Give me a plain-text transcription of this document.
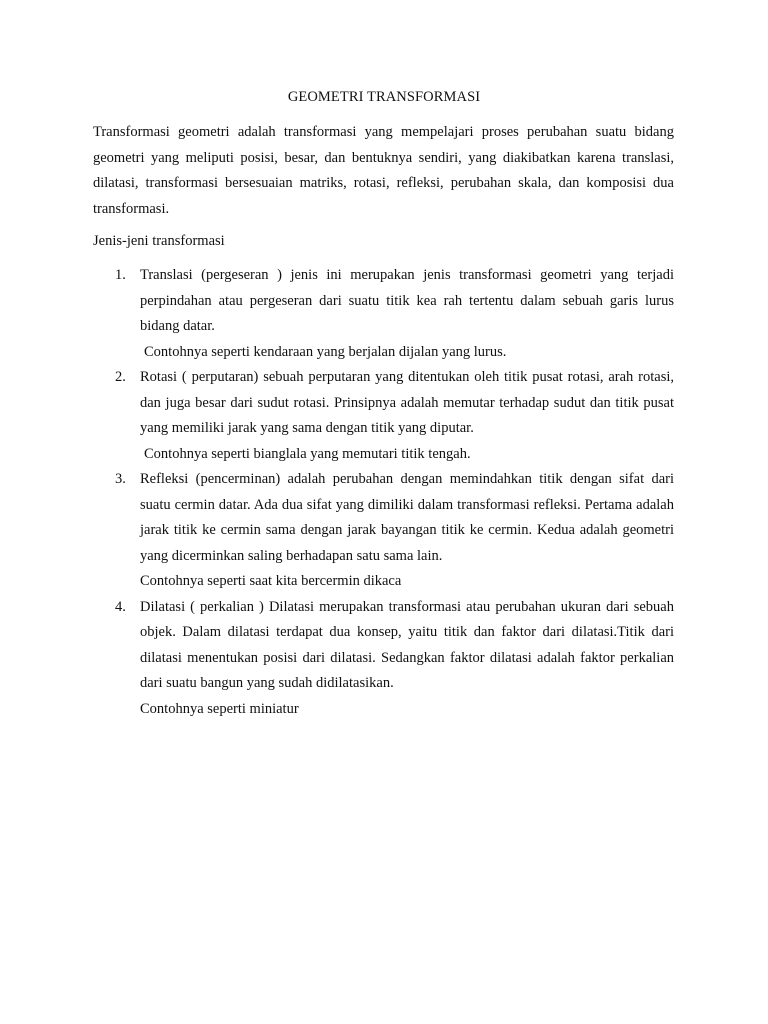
GEOMETRI TRANSFORMASI

Transformasi geometri adalah transformasi yang mempelajari proses perubahan suatu bidang geometri yang meliputi posisi, besar, dan bentuknya sendiri, yang diakibatkan karena translasi, dilatasi, transformasi bersesuaian matriks, rotasi, refleksi, perubahan skala, dan komposisi dua transformasi.

Jenis-jeni transformasi
1. Translasi (pergeseran ) jenis ini merupakan jenis transformasi geometri yang terjadi perpindahan atau pergeseran dari suatu titik kea rah tertentu dalam sebuah garis lurus bidang datar.

Contohnya seperti kendaraan yang berjalan dijalan yang lurus.

2. Rotasi ( perputaran) sebuah perputaran yang ditentukan oleh titik pusat rotasi, arah rotasi, dan juga besar dari sudut rotasi. Prinsipnya adalah memutar terhadap sudut dan titik pusat yang memiliki jarak yang sama dengan titik yang diputar.

Contohnya seperti bianglala yang memutari titik tengah.

3. Refleksi (pencerminan) adalah perubahan dengan memindahkan titik dengan sifat dari suatu cermin datar. Ada dua sifat yang dimiliki dalam transformasi refleksi. Pertama adalah jarak titik ke cermin sama dengan jarak bayangan titik ke cermin. Kedua adalah geometri yang dicerminkan saling berhadapan satu sama lain.

Contohnya seperti saat kita bercermin dikaca

4. Dilatasi ( perkalian ) Dilatasi merupakan transformasi atau perubahan ukuran dari sebuah objek. Dalam dilatasi terdapat dua konsep, yaitu titik dan faktor dari dilatasi.Titik dari dilatasi menentukan posisi dari dilatasi. Sedangkan faktor dilatasi adalah faktor perkalian dari suatu bangun yang sudah didilatasikan.

Contohnya seperti miniatur
